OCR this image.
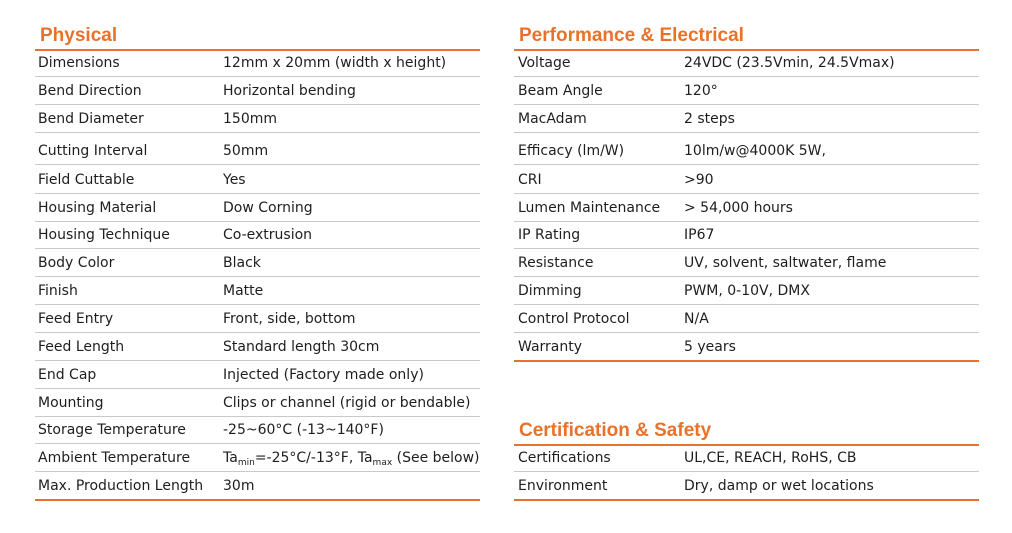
Physical
Dimensions	12mm x 20mm (width x height)
Bend Direction	Horizontal bending
Bend Diameter	150mm
Cutting Interval	50mm
Field Cuttable	Yes
Housing Material	Dow Corning
Housing Technique	Co-extrusion
Body Color	Black
Finish	Matte
Feed Entry	Front, side, bottom
Feed Length	Standard length 30cm
End Cap	Injected (Factory made only)
Mounting	Clips or channel (rigid or bendable)
Storage Temperature	-25~60°C (-13~140°F)
Ambient Temperature $Ta_{min}=-25^\circ C/-13^\circ F$, $Ta_{max}$ (See below)
Max. Production Length 30m
Performance & Electrical
Voltage	24VDC (23.5Vmin, 24.5Vmax)
Beam Angle	120°
MacAdam	2 steps
Efficacy (lm/W)	10lm/w@4000K 5W,
CRI	>90
Lumen Maintenance > 54,000 hours
IP Rating	IP67
Resistance	UV, solvent, saltwater, flame
Dimming	PWM, 0-10V, DMX
Control Protocol	N/A
Warranty	5 years
Certification & Safety
Certifications	UL,CE, REACH, RoHS, CB
Environment	Dry, damp or wet locations
